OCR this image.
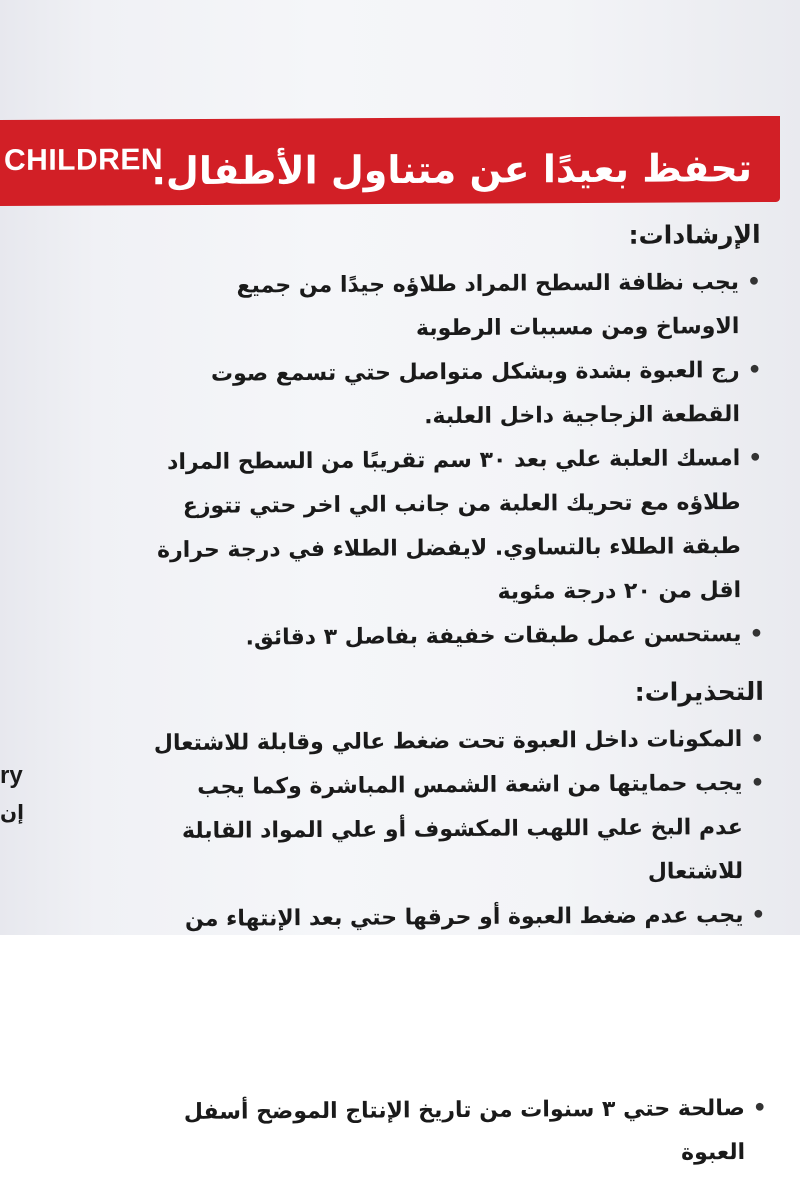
CHILDREN
تحفظ بعيدًا عن متناول الأطفال.

الإرشادات:

• يجب نظافة السطح المراد طلاؤه جيدًا من جميع الاوساخ ومن مسببات الرطوبة

• رج العبوة بشدة وبشكل متواصل حتي تسمع صوت القطعة الزجاجية داخل العلبة.

• امسك العلبة علي بعد ٣٠ سم تقريبًا من السطح المراد طلاؤه مع تحريك العلبة من جانب الي اخر حتي تتوزع طبقة الطلاء بالتساوي. لايفضل الطلاء في درجة حرارة اقل من ٢٠ درجة مئوية

• يستحسن عمل طبقات خفيفة بفاصل ٣ دقائق.

التحذيرات:

• المكونات داخل العبوة تحت ضغط عالي وقابلة للاشتعال

• يجب حمايتها من اشعة الشمس المباشرة وكما يجب عدم البخ علي اللهب المكشوف أو علي المواد القابلة للاشتعال

• يجب عدم ضغط العبوة أو حرقها حتي بعد الإنتهاء من

• صالحة حتي ٣ سنوات من تاريخ الإنتاج الموضح أسفل العبوة

ry
إن
